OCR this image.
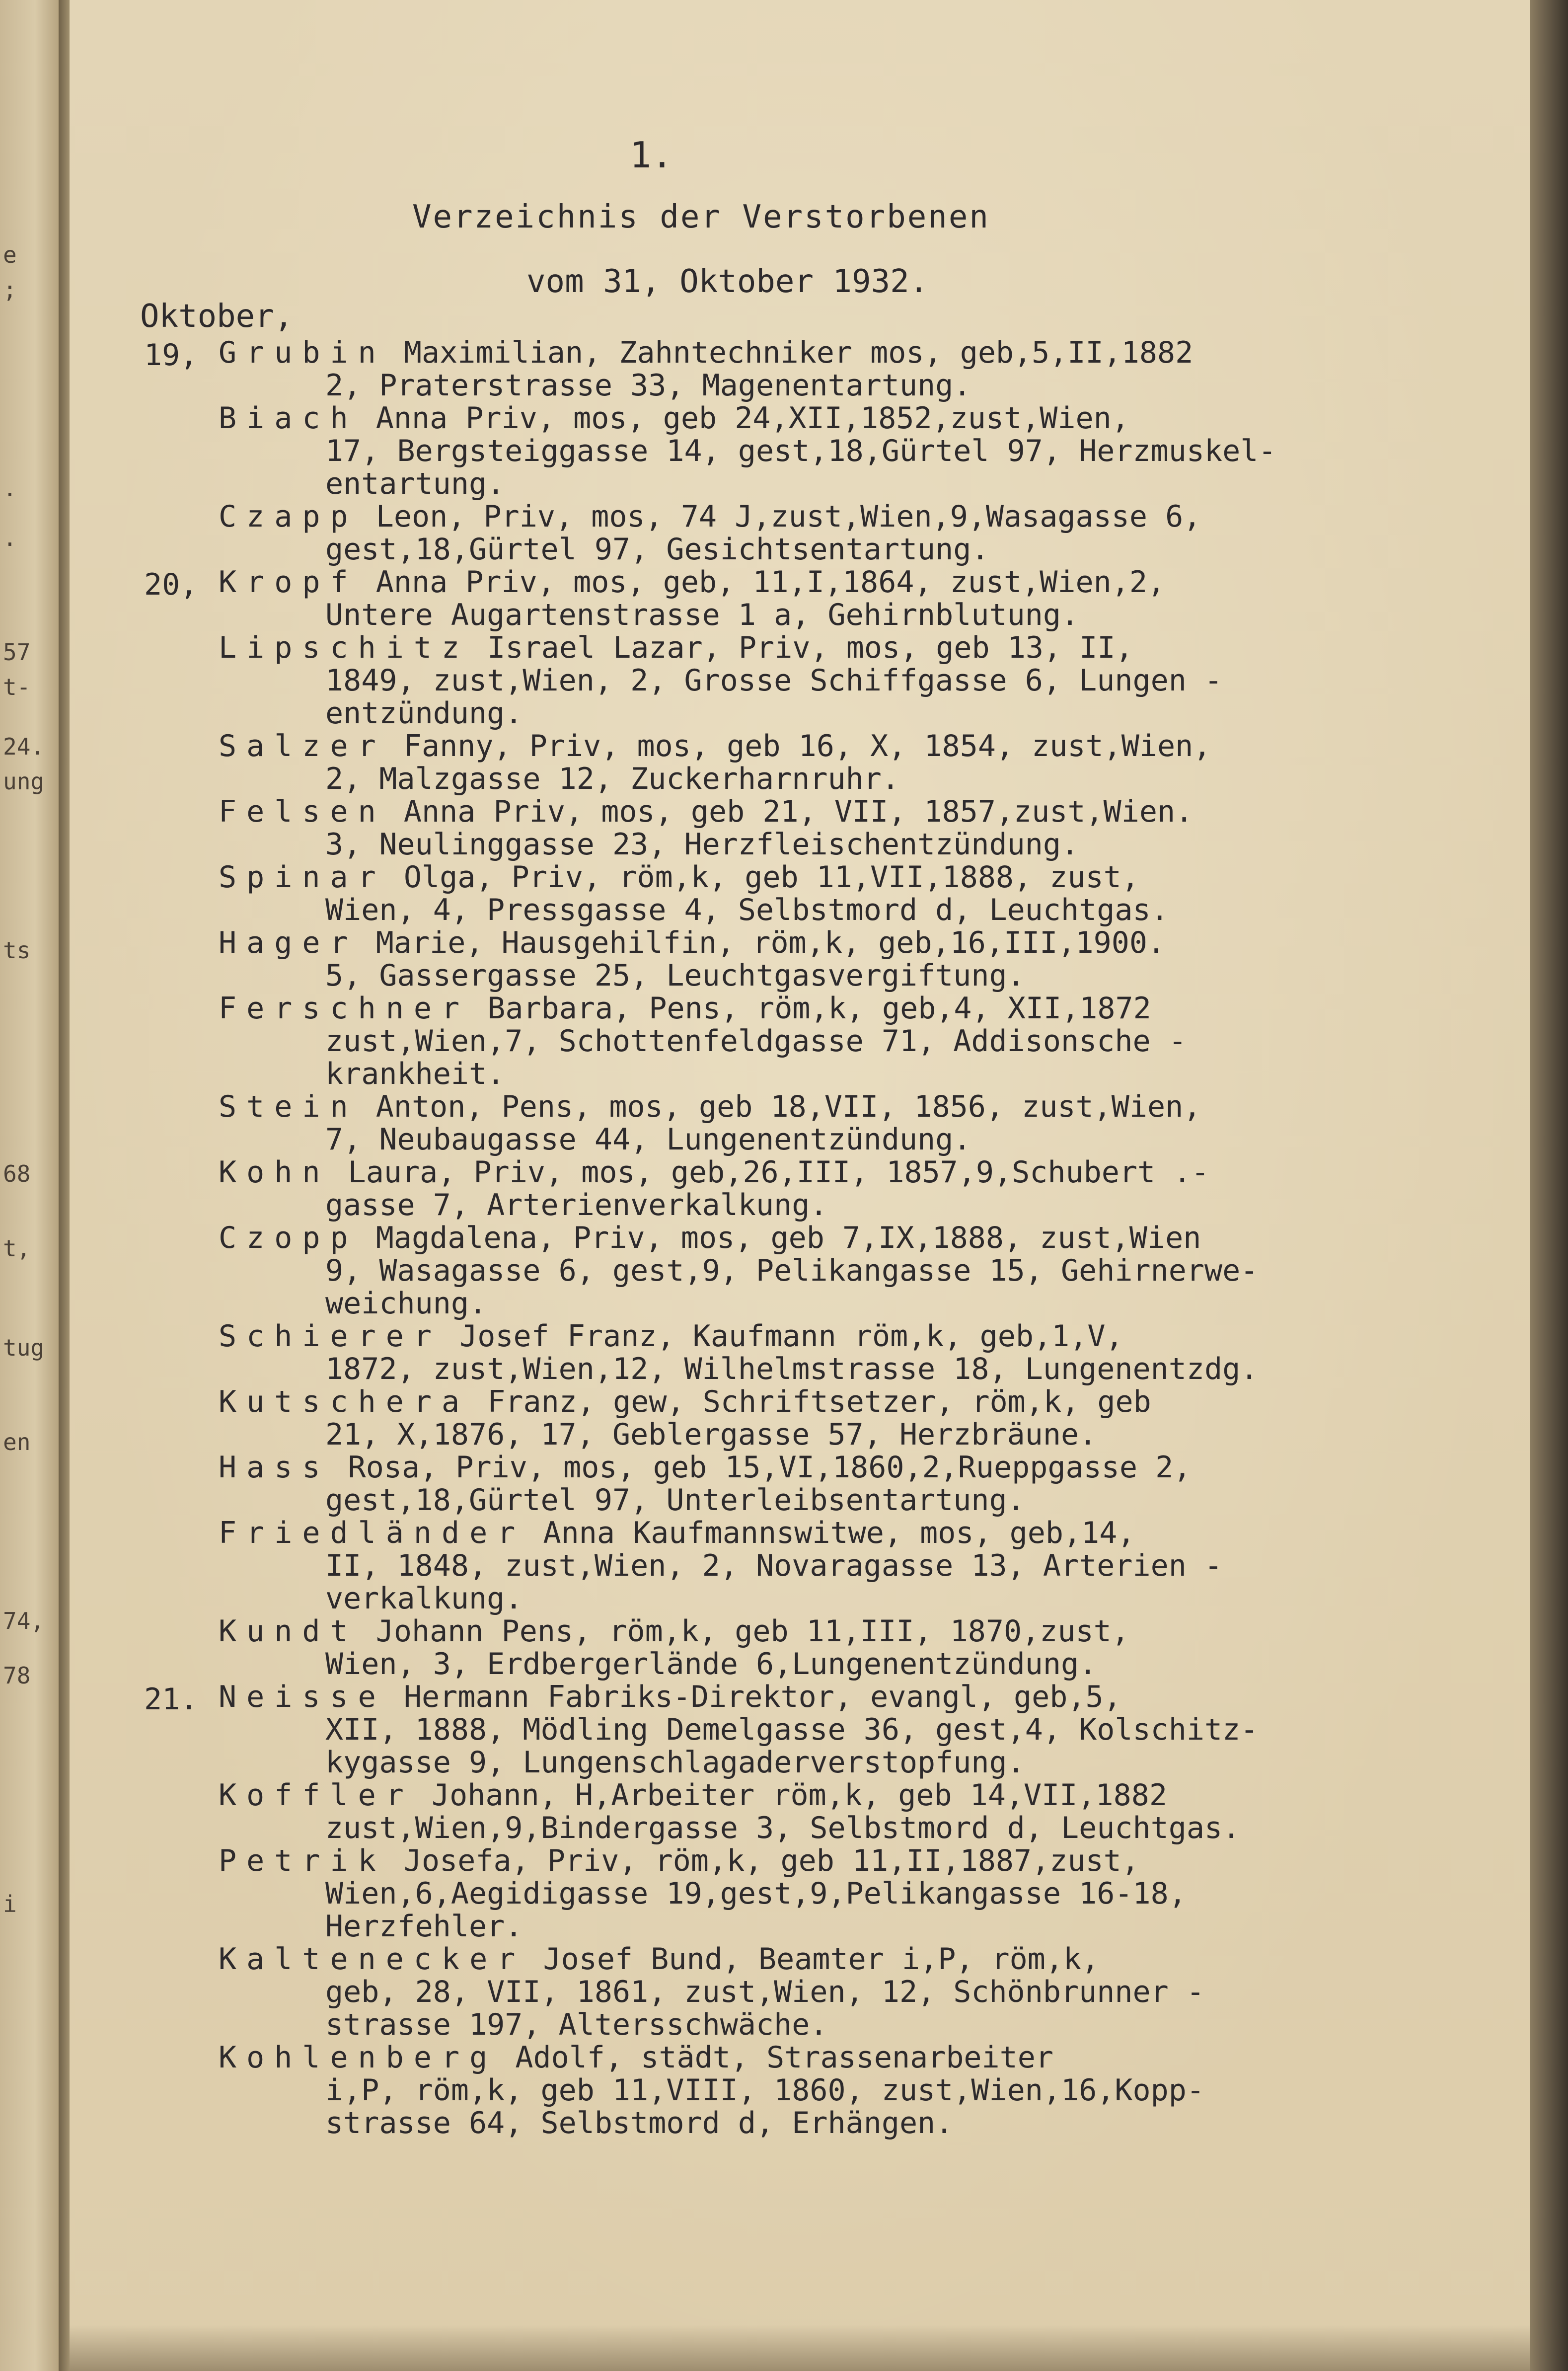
e
;
.
.
57
t-
24.
ung
ts
68
t,
tug
en
74,
78
i
1.
Verzeichnis der Verstorbenen
vom 31, Oktober 1932.
Oktober,
19, Grubin Maximilian, Zahntechniker mos, geb,5,II,1882
2, Praterstrasse 33, Magenentartung.
Biach Anna Priv, mos, geb 24,XII,1852,zust,Wien,
17, Bergsteiggasse 14, gest,18,Gürtel 97, Herzmuskel-
entartung.
Czapp Leon, Priv, mos, 74 J,zust,Wien,9,Wasagasse 6,
gest,18,Gürtel 97, Gesichtsentartung.
20, Kropf Anna Priv, mos, geb, 11,I,1864, zust,Wien,2,
Untere Augartenstrasse 1 a, Gehirnblutung.
Lipschitz Israel Lazar, Priv, mos, geb 13, II,
1849, zust,Wien, 2, Grosse Schiffgasse 6, Lungen -
entzündung.
Salzer Fanny, Priv, mos, geb 16, X, 1854, zust,Wien,
2, Malzgasse 12, Zuckerharnruhr.
Felsen Anna Priv, mos, geb 21, VII, 1857,zust,Wien.
3, Neulinggasse 23, Herzfleischentzündung.
Spinar Olga, Priv, röm,k, geb 11,VII,1888, zust,
Wien, 4, Pressgasse 4, Selbstmord d, Leuchtgas.
Hager Marie, Hausgehilfin, röm,k, geb,16,III,1900.
5, Gassergasse 25, Leuchtgasvergiftung.
Ferschner Barbara, Pens, röm,k, geb,4, XII,1872
zust,Wien,7, Schottenfeldgasse 71, Addisonsche -
krankheit.
Stein Anton, Pens, mos, geb 18,VII, 1856, zust,Wien,
7, Neubaugasse 44, Lungenentzündung.
Kohn Laura, Priv, mos, geb,26,III, 1857,9,Schubert .-
gasse 7, Arterienverkalkung.
Czopp Magdalena, Priv, mos, geb 7,IX,1888, zust,Wien
9, Wasagasse 6, gest,9, Pelikangasse 15, Gehirnerwe-
weichung.
Schierer Josef Franz, Kaufmann röm,k, geb,1,V,
1872, zust,Wien,12, Wilhelmstrasse 18, Lungenentzdg.
Kutschera Franz, gew, Schriftsetzer, röm,k, geb
21, X,1876, 17, Geblergasse 57, Herzbräune.
Hass Rosa, Priv, mos, geb 15,VI,1860,2,Rueppgasse 2,
gest,18,Gürtel 97, Unterleibsentartung.
Friedländer Anna Kaufmannswitwe, mos, geb,14,
II, 1848, zust,Wien, 2, Novaragasse 13, Arterien -
verkalkung.
Kundt Johann Pens, röm,k, geb 11,III, 1870,zust,
Wien, 3, Erdbergerlände 6,Lungenentzündung.
21. Neisse Hermann Fabriks-Direktor, evangl, geb,5,
XII, 1888, Mödling Demelgasse 36, gest,4, Kolschitz-
kygasse 9, Lungenschlagaderverstopfung.
Koffler Johann, H,Arbeiter röm,k, geb 14,VII,1882
zust,Wien,9,Bindergasse 3, Selbstmord d, Leuchtgas.
Petrik Josefa, Priv, röm,k, geb 11,II,1887,zust,
Wien,6,Aegidigasse 19,gest,9,Pelikangasse 16-18,
Herzfehler.
Kaltenecker Josef Bund, Beamter i,P, röm,k,
geb, 28, VII, 1861, zust,Wien, 12, Schönbrunner -
strasse 197, Altersschwäche.
Kohlenberg Adolf, städt, Strassenarbeiter
i,P, röm,k, geb 11,VIII, 1860, zust,Wien,16,Kopp-
strasse 64, Selbstmord d, Erhängen.
